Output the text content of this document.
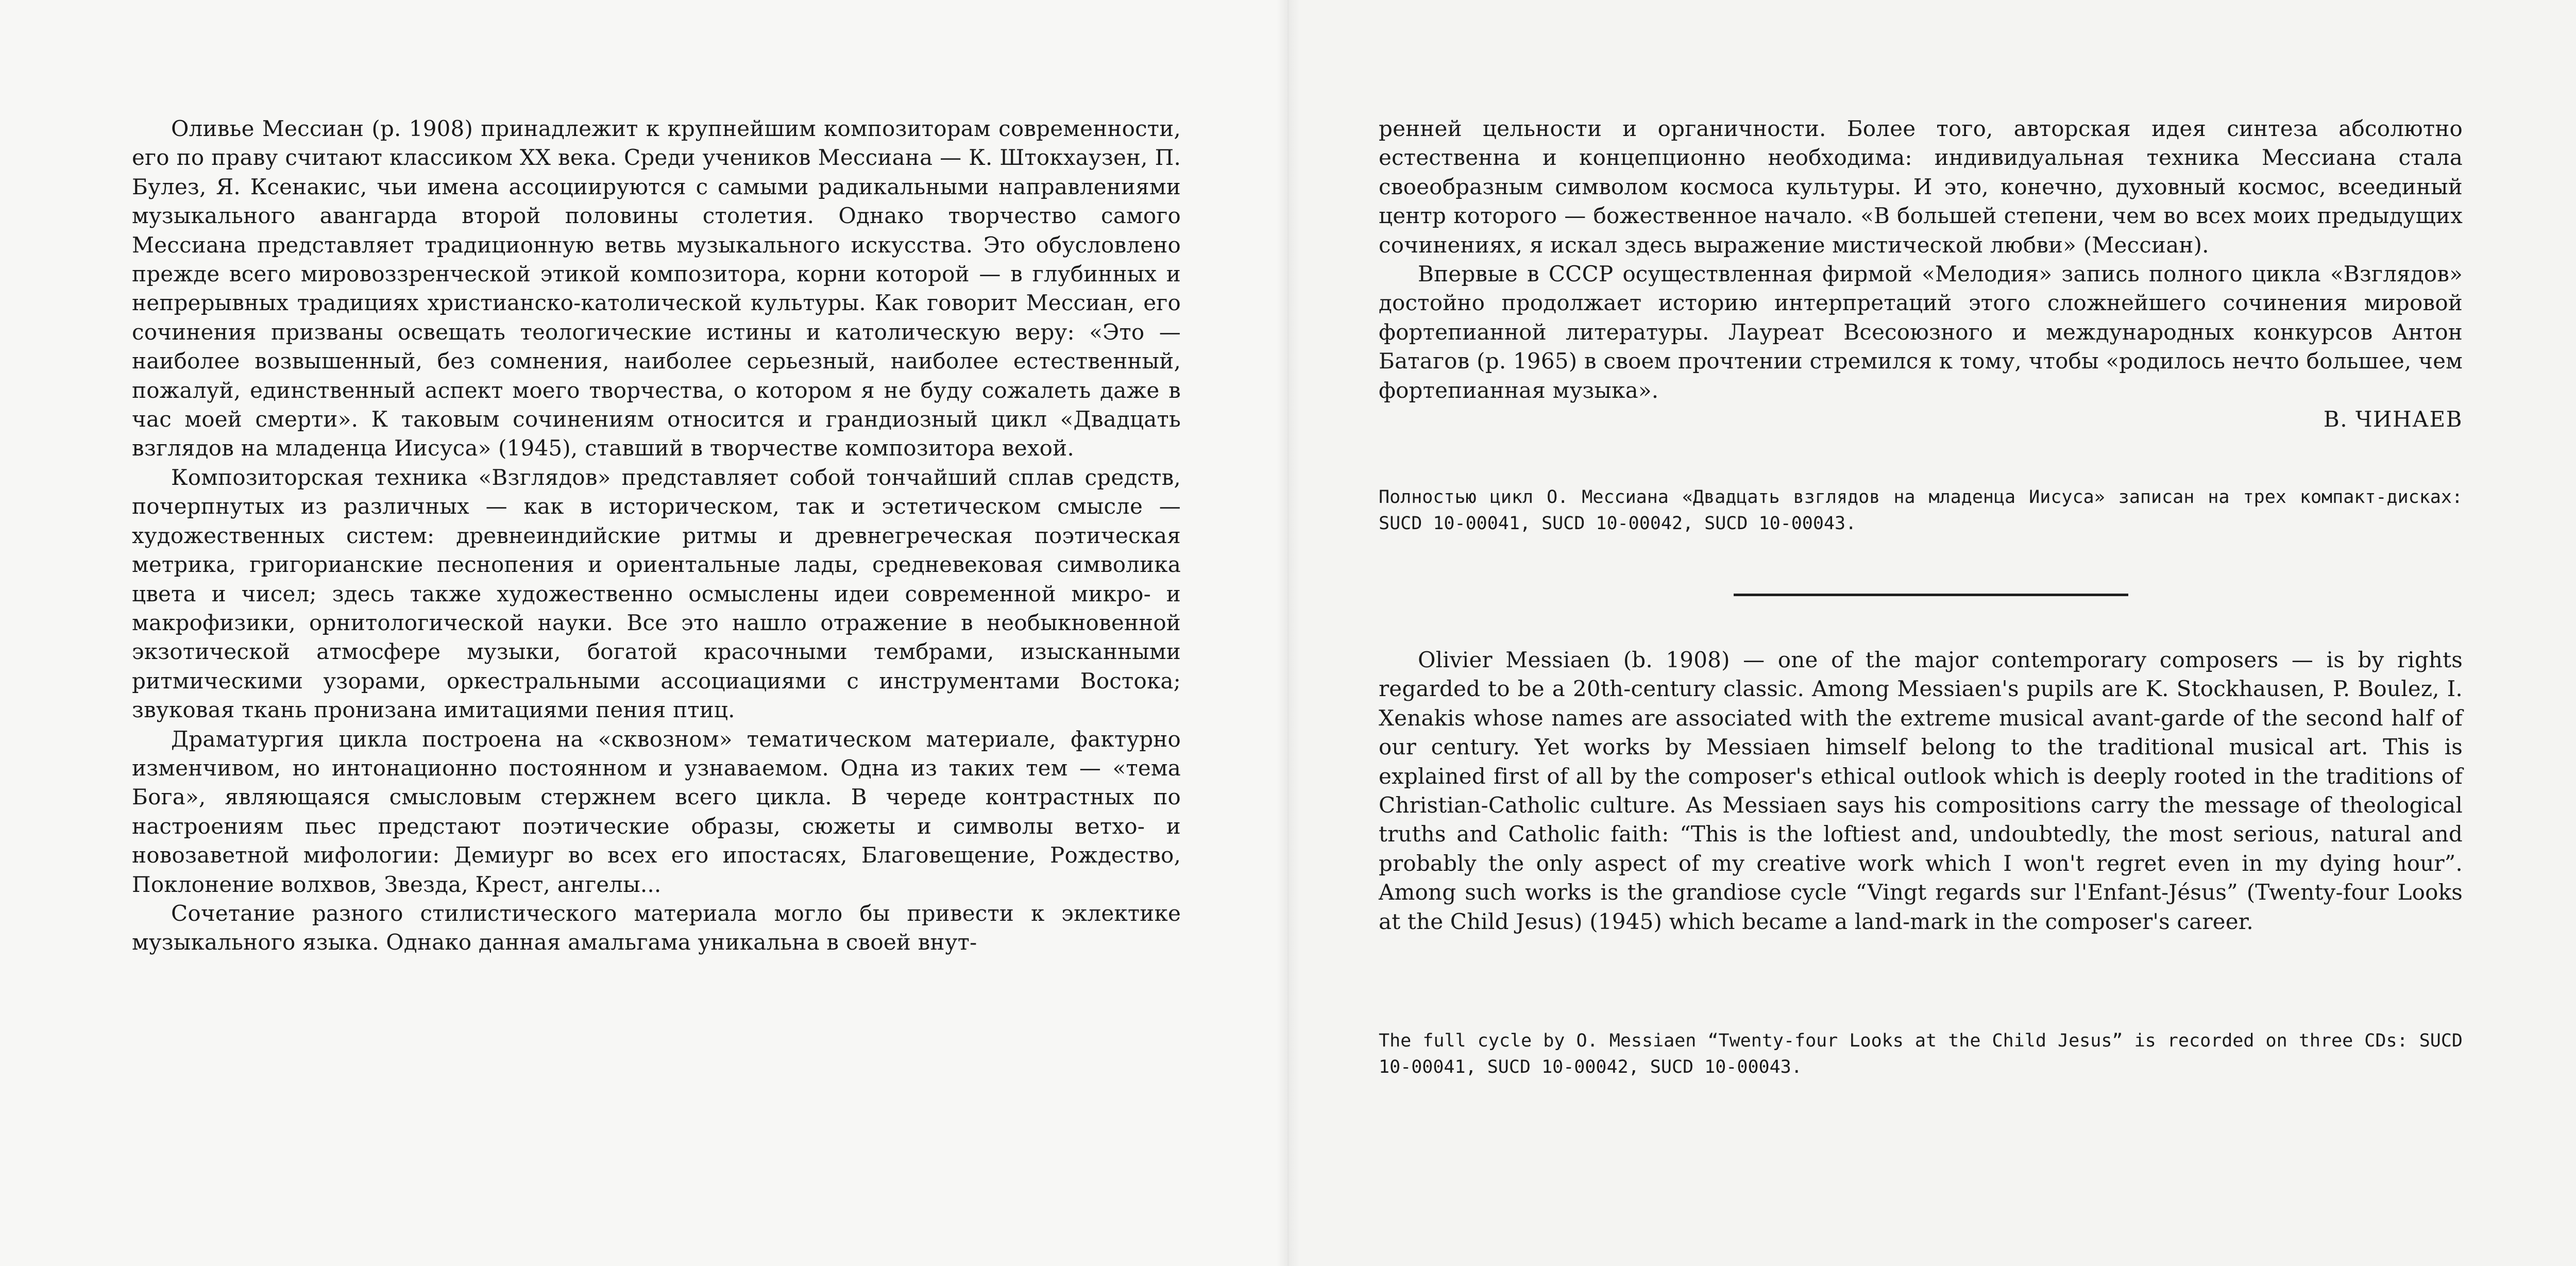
Оливье Мессиан (р. 1908) принадлежит к крупнейшим композиторам современности, его по праву считают классиком XX века. Среди учеников Мессиана — К. Штокхаузен, П. Булез, Я. Ксенакис, чьи имена ассоциируются с самыми радикальными направлениями музыкального авангарда второй половины столетия. Однако творчество самого Мессиана представляет традиционную ветвь музыкального искусства. Это обусловлено прежде всего мировоззренческой этикой композитора, корни которой — в глубинных и непрерывных традициях христианско-католической культуры. Как говорит Мессиан, его сочинения призваны освещать теологические истины и католическую веру: «Это — наиболее возвышенный, без сомнения, наиболее серьезный, наиболее естественный, пожалуй, единственный аспект моего творчества, о котором я не буду сожалеть даже в час моей смерти». К таковым сочинениям относится и грандиозный цикл «Двадцать взглядов на младенца Иисуса» (1945), ставший в творчестве композитора вехой.

Композиторская техника «Взглядов» представляет собой тончайший сплав средств, почерпнутых из различных — как в историческом, так и эстетическом смысле — художественных систем: древнеиндийские ритмы и древнегреческая поэтическая метрика, григорианские песнопения и ориентальные лады, средневековая символика цвета и чисел; здесь также художественно осмыслены идеи современной микро- и макрофизики, орнитологической науки. Все это нашло отражение в необыкновенной экзотической атмосфере музыки, богатой красочными тембрами, изысканными ритмическими узорами, оркестральными ассоциациями с инструментами Востока; звуковая ткань пронизана имитациями пения птиц.

Драматургия цикла построена на «сквозном» тематическом материале, фактурно изменчивом, но интонационно постоянном и узнаваемом. Одна из таких тем — «тема Бога», являющаяся смысловым стержнем всего цикла. В череде контрастных по настроениям пьес предстают поэтические образы, сюжеты и символы ветхо- и новозаветной мифологии: Демиург во всех его ипостасях, Благовещение, Рождество, Поклонение волхвов, Звезда, Крест, ангелы...

Сочетание разного стилистического материала могло бы привести к эклектике музыкального языка. Однако данная амальгама уникальна в своей внут-

ренней цельности и органичности. Более того, авторская идея синтеза абсолютно естественна и концепционно необходима: индивидуальная техника Мессиана стала своеобразным символом космоса культуры. И это, конечно, духовный космос, всеединый центр которого — божественное начало. «В большей степени, чем во всех моих предыдущих сочинениях, я искал здесь выражение мистической любви» (Мессиан).

Впервые в СССР осуществленная фирмой «Мелодия» запись полного цикла «Взглядов» достойно продолжает историю интерпретаций этого сложнейшего сочинения мировой фортепианной литературы. Лауреат Всесоюзного и международных конкурсов Антон Батагов (р. 1965) в своем прочтении стремился к тому, чтобы «родилось нечто большее, чем фортепианная музыка».

В. ЧИНАЕВ

Полностью цикл О. Мессиана «Двадцать взглядов на младенца Иисуса» записан на трех компакт-дисках: SUCD 10-00041, SUCD 10-00042, SUCD 10-00043.

Olivier Messiaen (b. 1908) — one of the major contemporary composers — is by rights regarded to be a 20th-century classic. Among Messiaen's pupils are K. Stockhausen, P. Boulez, I. Xenakis whose names are associated with the extreme musical avant-garde of the second half of our century. Yet works by Messiaen himself belong to the traditional musical art. This is explained first of all by the composer's ethical outlook which is deeply rooted in the traditions of Christian-Catholic culture. As Messiaen says his compositions carry the message of theological truths and Catholic faith: “This is the loftiest and, undoubtedly, the most serious, natural and probably the only aspect of my creative work which I won't regret even in my dying hour”. Among such works is the grandiose cycle “Vingt regards sur l'Enfant-Jésus” (Twenty-four Looks at the Child Jesus) (1945) which became a land-mark in the composer's career.

The full cycle by O. Messiaen “Twenty-four Looks at the Child Jesus” is recorded on three CDs: SUCD 10-00041, SUCD 10-00042, SUCD 10-00043.
